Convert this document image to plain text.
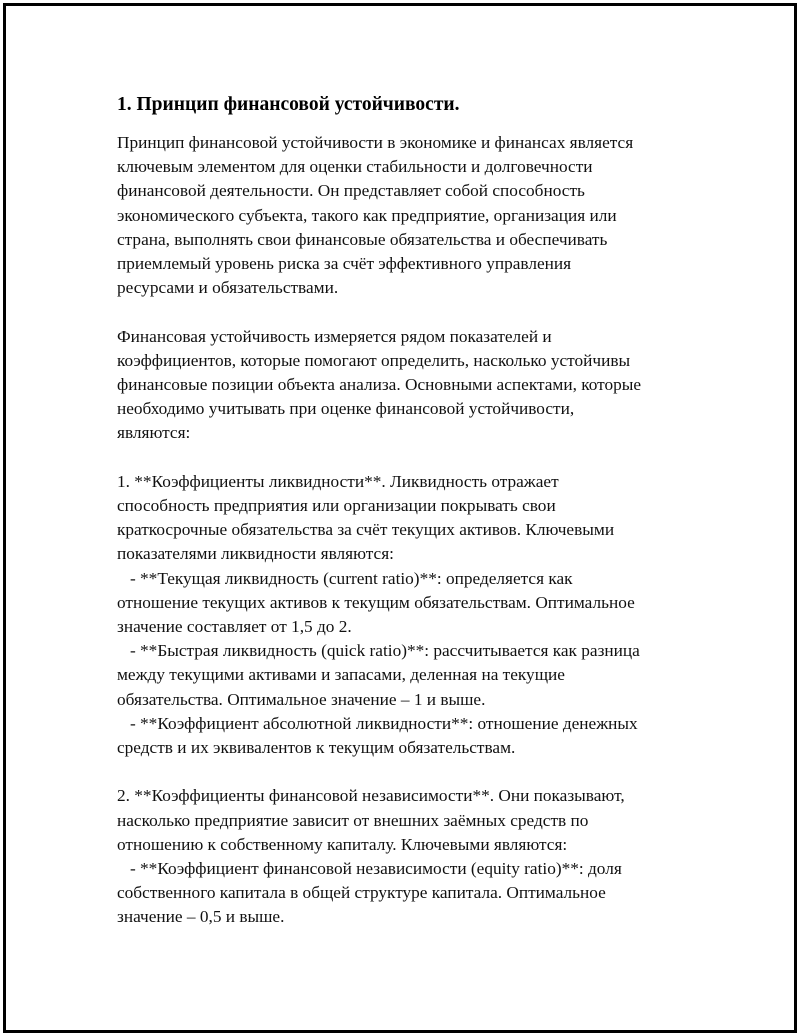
1. Принцип финансовой устойчивости.
Принцип финансовой устойчивости в экономике и финансах является
ключевым элементом для оценки стабильности и долговечности
финансовой деятельности. Он представляет собой способность
экономического субъекта, такого как предприятие, организация или
страна, выполнять свои финансовые обязательства и обеспечивать
приемлемый уровень риска за счёт эффективного управления
ресурсами и обязательствами.
Финансовая устойчивость измеряется рядом показателей и
коэффициентов, которые помогают определить, насколько устойчивы
финансовые позиции объекта анализа. Основными аспектами, которые
необходимо учитывать при оценке финансовой устойчивости,
являются:
1. **Коэффициенты ликвидности**. Ликвидность отражает
способность предприятия или организации покрывать свои
краткосрочные обязательства за счёт текущих активов. Ключевыми
показателями ликвидности являются:
- **Текущая ликвидность (current ratio)**: определяется как
отношение текущих активов к текущим обязательствам. Оптимальное
значение составляет от 1,5 до 2.
- **Быстрая ликвидность (quick ratio)**: рассчитывается как разница
между текущими активами и запасами, деленная на текущие
обязательства. Оптимальное значение – 1 и выше.
- **Коэффициент абсолютной ликвидности**: отношение денежных
средств и их эквивалентов к текущим обязательствам.
2. **Коэффициенты финансовой независимости**. Они показывают,
насколько предприятие зависит от внешних заёмных средств по
отношению к собственному капиталу. Ключевыми являются:
- **Коэффициент финансовой независимости (equity ratio)**: доля
собственного капитала в общей структуре капитала. Оптимальное
значение – 0,5 и выше.
